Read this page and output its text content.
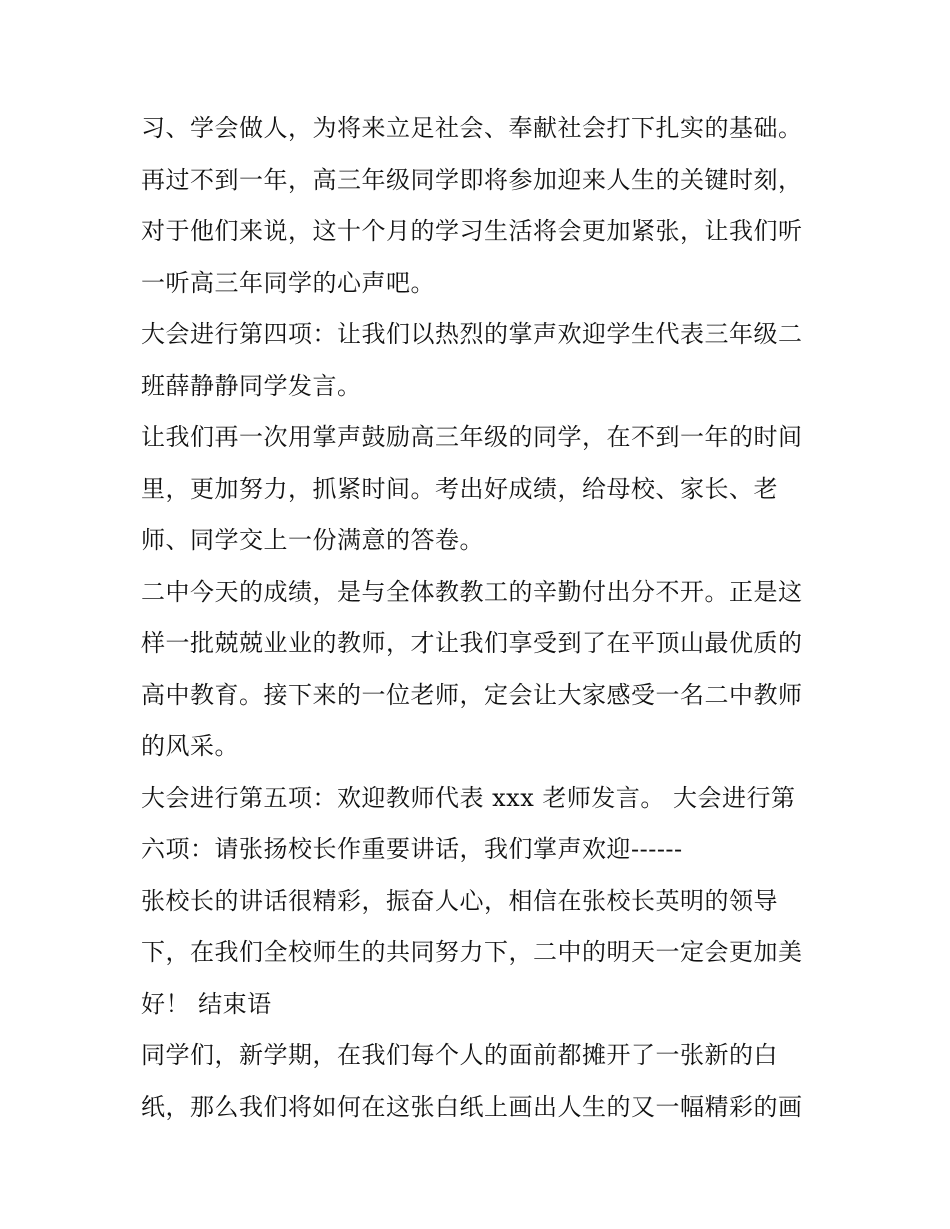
习、学会做人，为将来立足社会、奉献社会打下扎实的基础。
再过不到一年，高三年级同学即将参加迎来人生的关键时刻，
对于他们来说，这十个月的学习生活将会更加紧张，让我们听
一听高三年同学的心声吧。
大会进行第四项：让我们以热烈的掌声欢迎学生代表三年级二
班薛静静同学发言。
让我们再一次用掌声鼓励高三年级的同学，在不到一年的时间
里，更加努力，抓紧时间。考出好成绩，给母校、家长、老
师、同学交上一份满意的答卷。
二中今天的成绩，是与全体教教工的辛勤付出分不开。正是这
样一批兢兢业业的教师，才让我们享受到了在平顶山最优质的
高中教育。接下来的一位老师，定会让大家感受一名二中教师
的风采。
大会进行第五项：欢迎教师代表 xxx 老师发言。 大会进行第
六项：请张扬校长作重要讲话，我们掌声欢迎------
张校长的讲话很精彩，振奋人心，相信在张校长英明的领导
下，在我们全校师生的共同努力下，二中的明天一定会更加美
好！ 结束语
同学们，新学期，在我们每个人的面前都摊开了一张新的白
纸，那么我们将如何在这张白纸上画出人生的又一幅精彩的画
